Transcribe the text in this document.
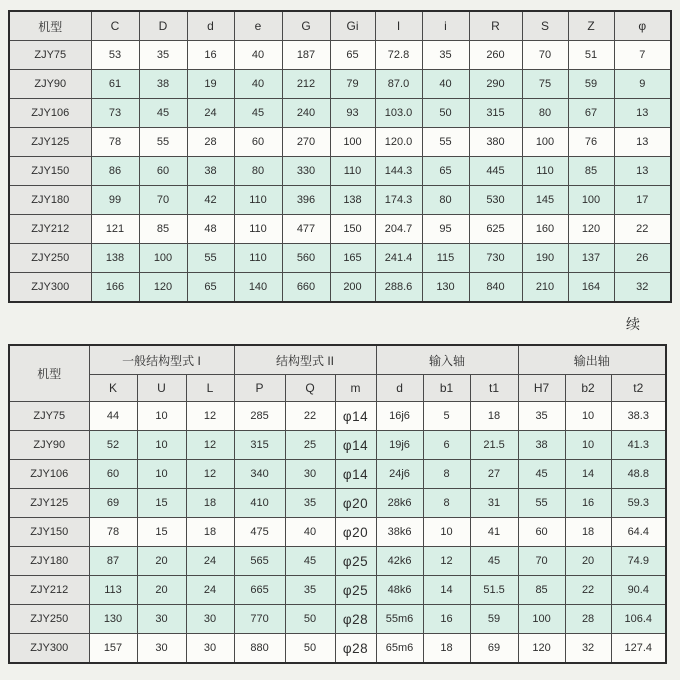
机型	C	D	d	e	G	Gi	I	i	R	S	Z	φ
ZJY75	53	35	16	40	187	65	72.8	35	260	70	51	7
ZJY90	61	38	19	40	212	79	87.0	40	290	75	59	9
ZJY106	73	45	24	45	240	93	103.0	50	315	80	67	13
ZJY125	78	55	28	60	270	100	120.0	55	380	100	76	13
ZJY150	86	60	38	80	330	110	144.3	65	445	110	85	13
ZJY180	99	70	42	110	396	138	174.3	80	530	145	100	17
ZJY212	121	85	48	110	477	150	204.7	95	625	160	120	22
ZJY250	138	100	55	110	560	165	241.4	115	730	190	137	26
ZJY300	166	120	65	140	660	200	288.6	130	840	210	164	32
续
机型	一般结构型式 I			结构型式 II			输入轴			输出轴		
	K	U	L	P	Q	m	d	b1	t1	H7	b2	t2
ZJY75	44	10	12	285	22	φ14	16j6	5	18	35	10	38.3
ZJY90	52	10	12	315	25	φ14	19j6	6	21.5	38	10	41.3
ZJY106	60	10	12	340	30	φ14	24j6	8	27	45	14	48.8
ZJY125	69	15	18	410	35	φ20	28k6	8	31	55	16	59.3
ZJY150	78	15	18	475	40	φ20	38k6	10	41	60	18	64.4
ZJY180	87	20	24	565	45	φ25	42k6	12	45	70	20	74.9
ZJY212	113	20	24	665	35	φ25	48k6	14	51.5	85	22	90.4
ZJY250	130	30	30	770	50	φ28	55m6	16	59	100	28	106.4
ZJY300	157	30	30	880	50	φ28	65m6	18	69	120	32	127.4
